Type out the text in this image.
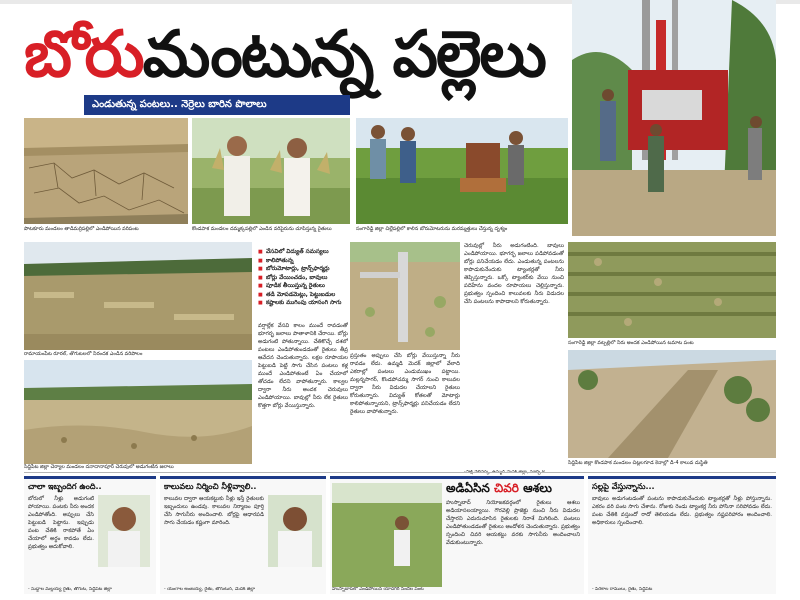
బోరుమంటున్న పల్లెలు
ఎండుతున్న పంటలు.. నెర్రెలు బారిన పొలాలు
పొటకూరు మండలం తాడిమర్రిపల్లిలో ఎండిపోయిన వరిపంట	కొండపాక మండలం దమ్మక్కపల్లిలో ఎండిన వరిపైరును చూపిస్తున్న రైతులు	సంగారెడ్డి జిల్లా చిల్లేపల్లిలో కాలిన బోరుమోటరును మరమ్మత్తులు చేస్తున్న దృశ్యం
రామాయంపేట రూరల్, తొగుటలలో నీరందక ఎండిన వరిపొలం
సిద్దిపేట జిల్లా చెర్యాల మండలం దనాదానాపూర్ చెరువులో అడుగంటిన జలాలు
■ వేసవిలో విద్యుత్ సమస్యలు
■ కాలిపోతున్న
■ బోరుమోటార్లు, ట్రాన్స్‌ఫార్మర్లు
■ బోర్లు వేయించడం, బావులు
■ పూడిక తీయిస్తున్న రైతులు
■ తడి మోపడమెట్లు, పెట్టుబడుల
■ కష్టాలకు ముగింపు యాసంగి సాగు
వర్షాల్లేక వేసవి కాలం ముందే రావడంతో భూగర్భ జలాలు పాతాళానికి చేరాయి. బోర్లు అడుగంటి పోతున్నాయి. చేతికొచ్చే దశలో పంటలు ఎండిపోతుండడంతో రైతులు తీవ్ర ఆవేదన చెందుతున్నారు. లక్షల రూపాయల పెట్టుబడి పెట్టి సాగు చేసిన పంటలు కళ్ల ముందే ఎండిపోతుంటే ఏం చేయాలో తోచడం లేదని వాపోతున్నారు. కాల్వల ద్వారా నీరు అందక చెరువులు ఎండిపోయాయి. బావుల్లో నీరు లేక రైతులు కొత్తగా బోర్లు వేయిస్తున్నారు.
ప్రస్తుతం అప్పులు చేసి బోర్లు వేయిస్తున్నా నీరు రావడం లేదు. ఉమ్మడి మెదక్ జిల్లాలో వేలాది ఎకరాల్లో పంటలు ఎండుముఖం పట్టాయి. మల్లన్నసాగర్, కొండపోచమ్మ సాగర్ నుంచి కాలువల ద్వారా నీరు విడుదల చేయాలని రైతులు కోరుతున్నారు. విద్యుత్ కోతలతో మోటార్లు కాలిపోతున్నాయని, ట్రాన్స్‌ఫార్మర్లు పనిచేయడం లేదని రైతులు వాపోతున్నారు.
చెరువుల్లో నీరు అడుగంటింది. బావులు ఎండిపోయాయి. భూగర్భ జలాలు పడిపోవడంతో బోర్లు పనిచేయడం లేదు. ఎండుతున్న పంటలను కాపాడుకునేందుకు ట్యాంకర్లతో నీరు తెప్పిస్తున్నారు. ఒక్కో ట్యాంకర్‌కు వేయి నుంచి పదిహేను వందల రూపాయలు చెల్లిస్తున్నారు. ప్రభుత్వం స్పందించి కాలువలకు నీరు విడుదల చేసి పంటలను కాపాడాలని కోరుతున్నారు.
సంగారెడ్డి జిల్లా వట్పల్లిలో నీరు అందక ఎండిపోయిన టమాట పంట
సిద్దిపేట జిల్లా కొండపాక మండలం చిట్లలగూడ కెనాల్లో డీ-4 కాలువ దుస్థితి
చాలా ఇబ్బందిగ ఉంది..
బోరులో నీళ్లు అడుగంటి పోయాయి. పంటకు నీరు అందక ఎండిపోతోంది. అప్పులు చేసి పెట్టుబడి పెట్టాను. ఇప్పుడు పంట చేతికి రాకపోతే ఏం చేయాలో అర్థం కావడం లేదు. ప్రభుత్వం ఆదుకోవాలి.
- సుద్దాల మల్లయ్య రైతు, తొగుట, సిద్దిపేట జిల్లా
కాలువలు నిర్మించి నీళ్లివ్వాలి..
కాలువల ద్వారా ఆయకట్టుకు నీళ్లు ఇస్తే రైతులకు ఇబ్బందులు ఉండవు. కాలువల నిర్మాణం పూర్తి చేసి సాగునీరు అందించాలి. బోర్లపై ఆధారపడి సాగు చేయడం కష్టంగా మారింది.
- యంగాల అంజయ్య, రైతు, తొగుటుర్, మెదక్ జిల్లా
అడిఏసిన చివరి ఆశలు
హుస్నాబాద్ నియోజకవర్గంలో రైతులు ఆశలు అడియాసలయ్యాయి. గౌరవెల్లి ప్రాజెక్టు నుంచి నీరు విడుదల చేస్తారని ఎదురుచూసిన రైతులకు నిరాశే మిగిలింది. పంటలు ఎండిపోతుండడంతో రైతులు ఆందోళన చెందుతున్నారు. ప్రభుత్వం స్పందించి చివరి ఆయకట్టు వరకు సాగునీరు అందించాలని వేడుకుంటున్నారు.
హుస్నాబాద్‌లో ఎండిపోయిన యాదగిరి సిందెల పంట
సల్లపై వేస్తున్నాను...
బావులు అడుగంటడంతో పంటను కాపాడుకునేందుకు ట్యాంకర్లతో నీళ్లు పోస్తున్నాను. ఎకరం వరి పంట సాగు చేశాను. రోజుకు రెండు ట్యాంకర్ల నీరు పోసినా సరిపోవడం లేదు. పంట చేతికి వస్తుందో రాదో తెలియడం లేదు. ప్రభుత్వం నష్టపరిహారం అందించాలి. అధికారులు స్పందించాలి.
- పిరకాల రాములు, రైతు, సిద్దిపేట
